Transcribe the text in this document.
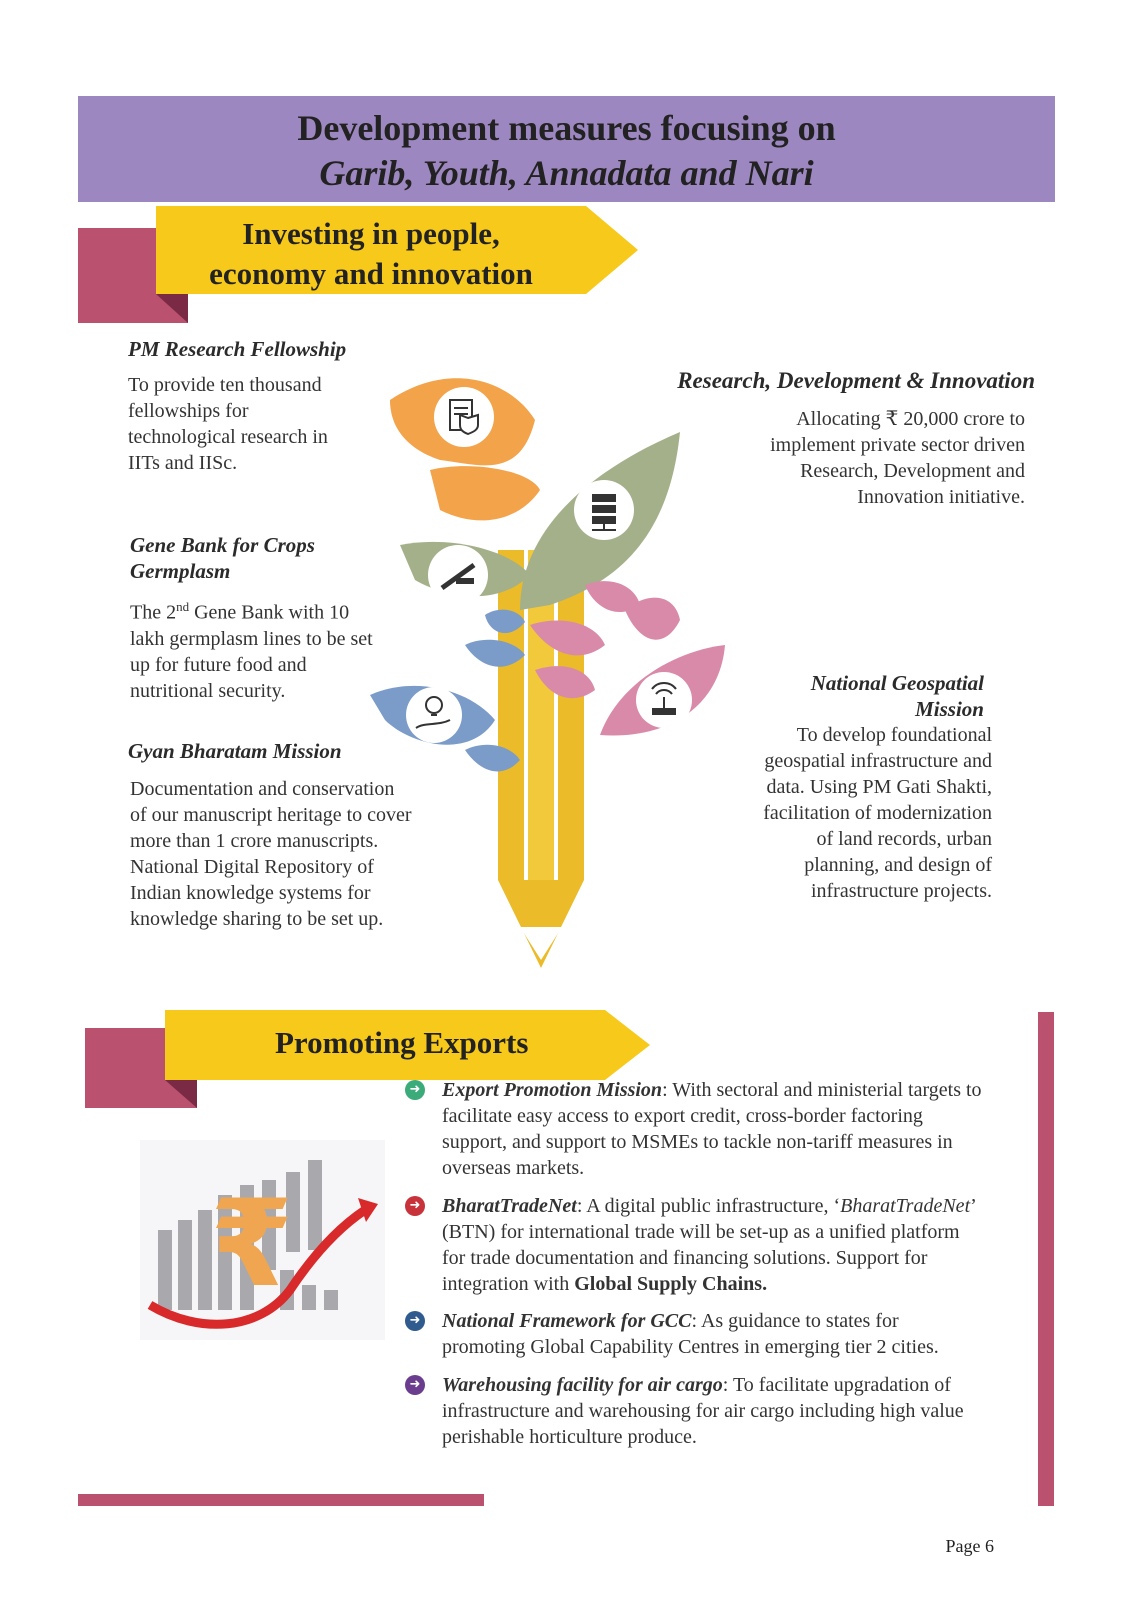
Development measures focusing on
Garib, Youth, Annadata and Nari
Investing in people,
economy and innovation
PM Research Fellowship
To provide ten thousand
fellowships for
technological research in
IITs and IISc.
Gene Bank for Crops
Germplasm
The 2nd Gene Bank with 10
lakh germplasm lines to be set
up for future food and
nutritional security.
Gyan Bharatam Mission
Documentation and conservation
of our manuscript heritage to cover
more than 1 crore manuscripts.
National Digital Repository of
Indian knowledge systems for
knowledge sharing to be set up.
Research, Development & Innovation
Allocating ₹ 20,000 crore to
implement private sector driven
Research, Development and
Innovation initiative.
National Geospatial
Mission
To develop foundational
geospatial infrastructure and
data. Using PM Gati Shakti,
facilitation of modernization
of land records, urban
planning, and design of
infrastructure projects.
Promoting Exports
₹
➜ Export Promotion Mission: With sectoral and ministerial targets to
facilitate easy access to export credit, cross-border factoring
support, and support to MSMEs to tackle non-tariff measures in
overseas markets.
➜ BharatTradeNet: A digital public infrastructure, ‘BharatTradeNet’
(BTN) for international trade will be set-up as a unified platform
for trade documentation and financing solutions. Support for
integration with Global Supply Chains.
➜ National Framework for GCC: As guidance to states for
promoting Global Capability Centres in emerging tier 2 cities.
➜ Warehousing facility for air cargo: To facilitate upgradation of
infrastructure and warehousing for air cargo including high value
perishable horticulture produce.
Page 6
